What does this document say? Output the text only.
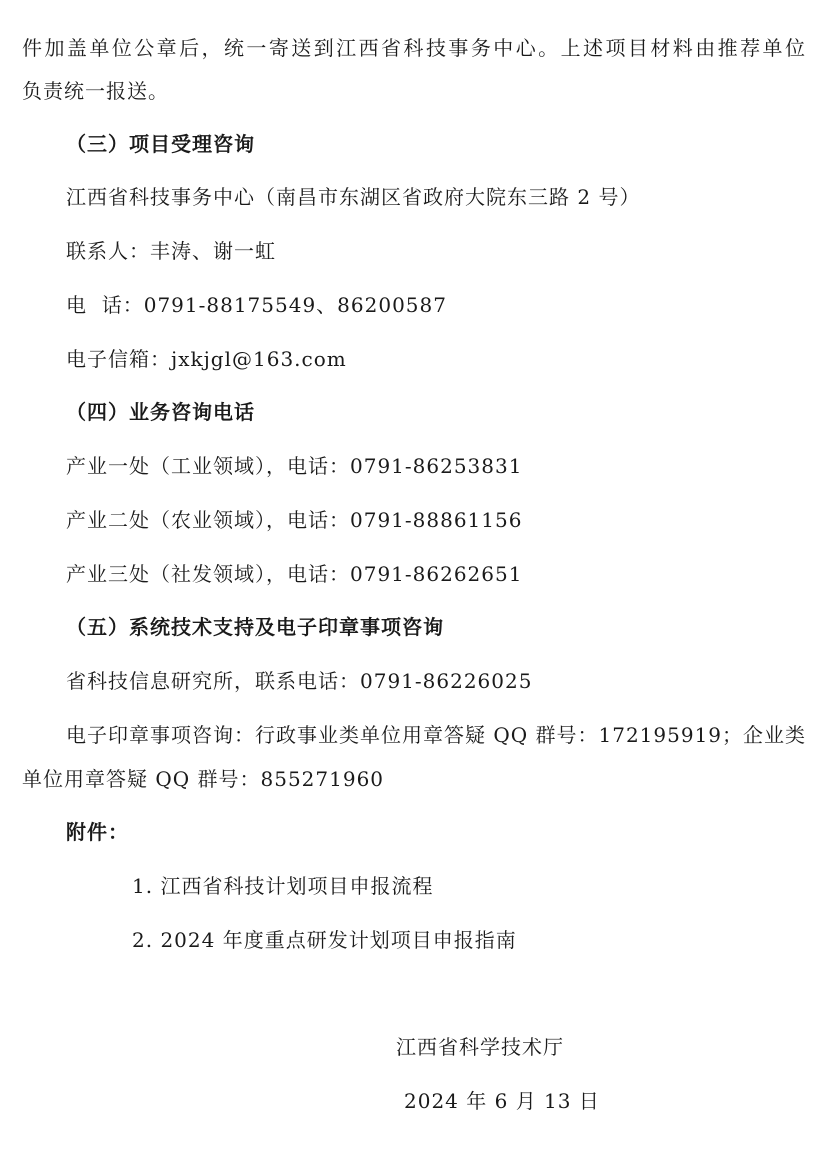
件加盖单位公章后，统一寄送到江西省科技事务中心。上述项目材料由推荐单位
负责统一报送。
（三）项目受理咨询
江西省科技事务中心（南昌市东湖区省政府大院东三路 2 号）
联系人：丰涛、谢一虹
电  话：0791-88175549、86200587
电子信箱：jxkjgl@163.com
（四）业务咨询电话
产业一处（工业领域），电话：0791-86253831
产业二处（农业领域），电话：0791-88861156
产业三处（社发领域），电话：0791-86262651
（五）系统技术支持及电子印章事项咨询
省科技信息研究所，联系电话：0791-86226025
电子印章事项咨询：行政事业类单位用章答疑 QQ 群号：172195919；企业类
单位用章答疑 QQ 群号：855271960
附件：
1. 江西省科技计划项目申报流程
2. 2024 年度重点研发计划项目申报指南
江西省科学技术厅
2024 年 6 月 13 日
